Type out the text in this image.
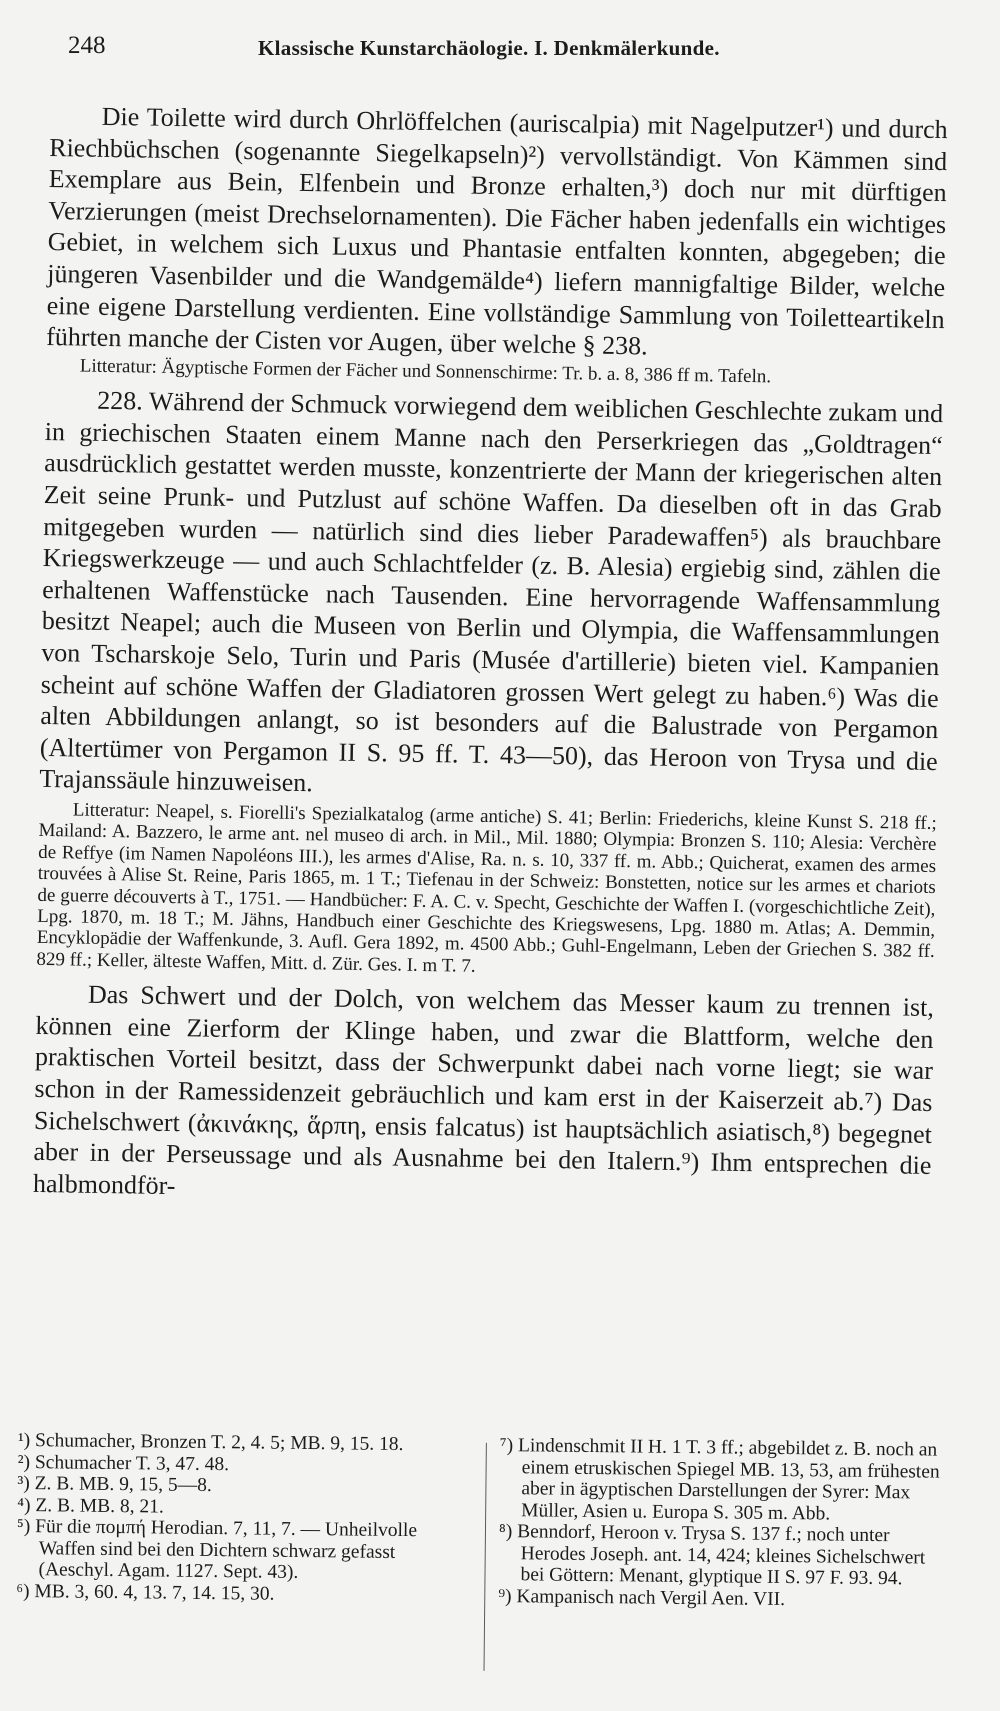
248	Klassische Kunstarchäologie. I. Denkmälerkunde.

Die Toilette wird durch Ohrlöffelchen (auriscalpia) mit Nagelputzer¹) und durch Riechbüchschen (sogenannte Siegelkapseln)²) vervollständigt. Von Kämmen sind Exemplare aus Bein, Elfenbein und Bronze erhalten,³) doch nur mit dürftigen Verzierungen (meist Drechselornamenten). Die Fächer haben jedenfalls ein wichtiges Gebiet, in welchem sich Luxus und Phantasie entfalten konnten, abgegeben; die jüngeren Vasenbilder und die Wandgemälde⁴) liefern mannigfaltige Bilder, welche eine eigene Darstellung verdienten. Eine vollständige Sammlung von Toiletteartikeln führten manche der Cisten vor Augen, über welche § 238.

Litteratur: Ägyptische Formen der Fächer und Sonnenschirme: Tr. b. a. 8, 386 ff m. Tafeln.

228. Während der Schmuck vorwiegend dem weiblichen Geschlechte zukam und in griechischen Staaten einem Manne nach den Perserkriegen das „Goldtragen“ ausdrücklich gestattet werden musste, konzentrierte der Mann der kriegerischen alten Zeit seine Prunk- und Putzlust auf schöne Waffen. Da dieselben oft in das Grab mitgegeben wurden — natürlich sind dies lieber Paradewaffen⁵) als brauchbare Kriegswerkzeuge — und auch Schlachtfelder (z. B. Alesia) ergiebig sind, zählen die erhaltenen Waffenstücke nach Tausenden. Eine hervorragende Waffensammlung besitzt Neapel; auch die Museen von Berlin und Olympia, die Waffensammlungen von Tscharskoje Selo, Turin und Paris (Musée d'artillerie) bieten viel. Kampanien scheint auf schöne Waffen der Gladiatoren grossen Wert gelegt zu haben.⁶) Was die alten Abbildungen anlangt, so ist besonders auf die Balustrade von Pergamon (Altertümer von Pergamon II S. 95 ff. T. 43—50), das Heroon von Trysa und die Trajanssäule hinzuweisen.

Litteratur: Neapel, s. Fiorelli's Spezialkatalog (arme antiche) S. 41; Berlin: Friederichs, kleine Kunst S. 218 ff.; Mailand: A. Bazzero, le arme ant. nel museo di arch. in Mil., Mil. 1880; Olympia: Bronzen S. 110; Alesia: Verchère de Reffye (im Namen Napoléons III.), les armes d'Alise, Ra. n. s. 10, 337 ff. m. Abb.; Quicherat, examen des armes trouvées à Alise St. Reine, Paris 1865, m. 1 T.; Tiefenau in der Schweiz: Bonstetten, notice sur les armes et chariots de guerre découverts à T., 1751. — Handbücher: F. A. C. v. Specht, Geschichte der Waffen I. (vorgeschichtliche Zeit), Lpg. 1870, m. 18 T.; M. Jähns, Handbuch einer Geschichte des Kriegswesens, Lpg. 1880 m. Atlas; A. Demmin, Encyklopädie der Waffenkunde, 3. Aufl. Gera 1892, m. 4500 Abb.; Guhl-Engelmann, Leben der Griechen S. 382 ff. 829 ff.; Keller, älteste Waffen, Mitt. d. Zür. Ges. I. m T. 7.

Das Schwert und der Dolch, von welchem das Messer kaum zu trennen ist, können eine Zierform der Klinge haben, und zwar die Blattform, welche den praktischen Vorteil besitzt, dass der Schwerpunkt dabei nach vorne liegt; sie war schon in der Ramessidenzeit gebräuchlich und kam erst in der Kaiserzeit ab.⁷) Das Sichelschwert (ἀκινάκης, ἅρπη, ensis falcatus) ist hauptsächlich asiatisch,⁸) begegnet aber in der Perseussage und als Ausnahme bei den Italern.⁹) Ihm entsprechen die halbmondför-

¹) Schumacher, Bronzen T. 2, 4. 5; MB. 9, 15. 18.

²) Schumacher T. 3, 47. 48.

³) Z. B. MB. 9, 15, 5—8.

⁴) Z. B. MB. 8, 21.

⁵) Für die πομπή Herodian. 7, 11, 7. — Unheilvolle Waffen sind bei den Dichtern schwarz gefasst (Aeschyl. Agam. 1127. Sept. 43).

⁶) MB. 3, 60. 4, 13. 7, 14. 15, 30.

⁷) Lindenschmit II H. 1 T. 3 ff.; abgebildet z. B. noch an einem etruskischen Spiegel MB. 13, 53, am frühesten aber in ägyptischen Darstellungen der Syrer: Max Müller, Asien u. Europa S. 305 m. Abb.

⁸) Benndorf, Heroon v. Trysa S. 137 f.; noch unter Herodes Joseph. ant. 14, 424; kleines Sichelschwert bei Göttern: Menant, glyptique II S. 97 F. 93. 94.

⁹) Kampanisch nach Vergil Aen. VII.
